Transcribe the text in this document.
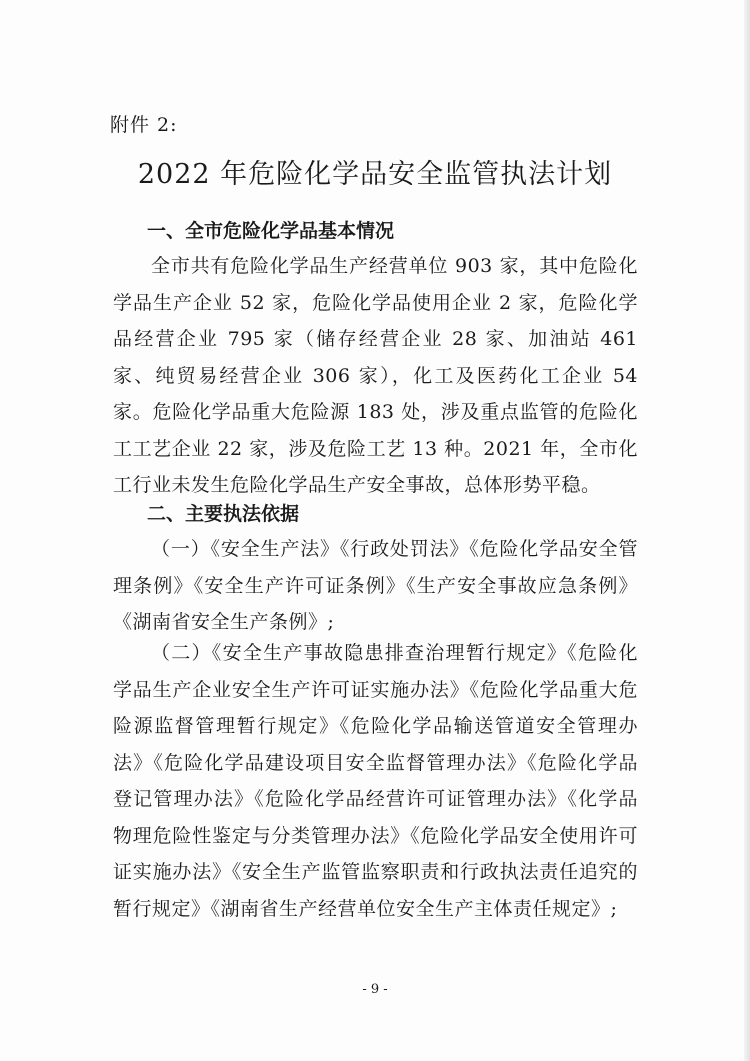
附件 2:
2022 年危险化学品安全监管执法计划
一、全市危险化学品基本情况
全市共有危险化学品生产经营单位 903 家，其中危险化学品生产企业 52 家，危险化学品使用企业 2 家，危险化学品经营企业 795 家（储存经营企业 28 家、加油站 461 家、纯贸易经营企业 306 家），化工及医药化工企业 54 家。危险化学品重大危险源 183 处，涉及重点监管的危险化工工艺企业 22 家，涉及危险工艺 13 种。2021 年，全市化工行业未发生危险化学品生产安全事故，总体形势平稳。
二、主要执法依据
（一）《安全生产法》《行政处罚法》《危险化学品安全管理条例》《安全生产许可证条例》《生产安全事故应急条例》《湖南省安全生产条例》;
（二）《安全生产事故隐患排查治理暂行规定》《危险化学品生产企业安全生产许可证实施办法》《危险化学品重大危险源监督管理暂行规定》《危险化学品输送管道安全管理办法》《危险化学品建设项目安全监督管理办法》《危险化学品登记管理办法》《危险化学品经营许可证管理办法》《化学品物理危险性鉴定与分类管理办法》《危险化学品安全使用许可证实施办法》《安全生产监管监察职责和行政执法责任追究的暂行规定》《湖南省生产经营单位安全生产主体责任规定》;
- 9 -
